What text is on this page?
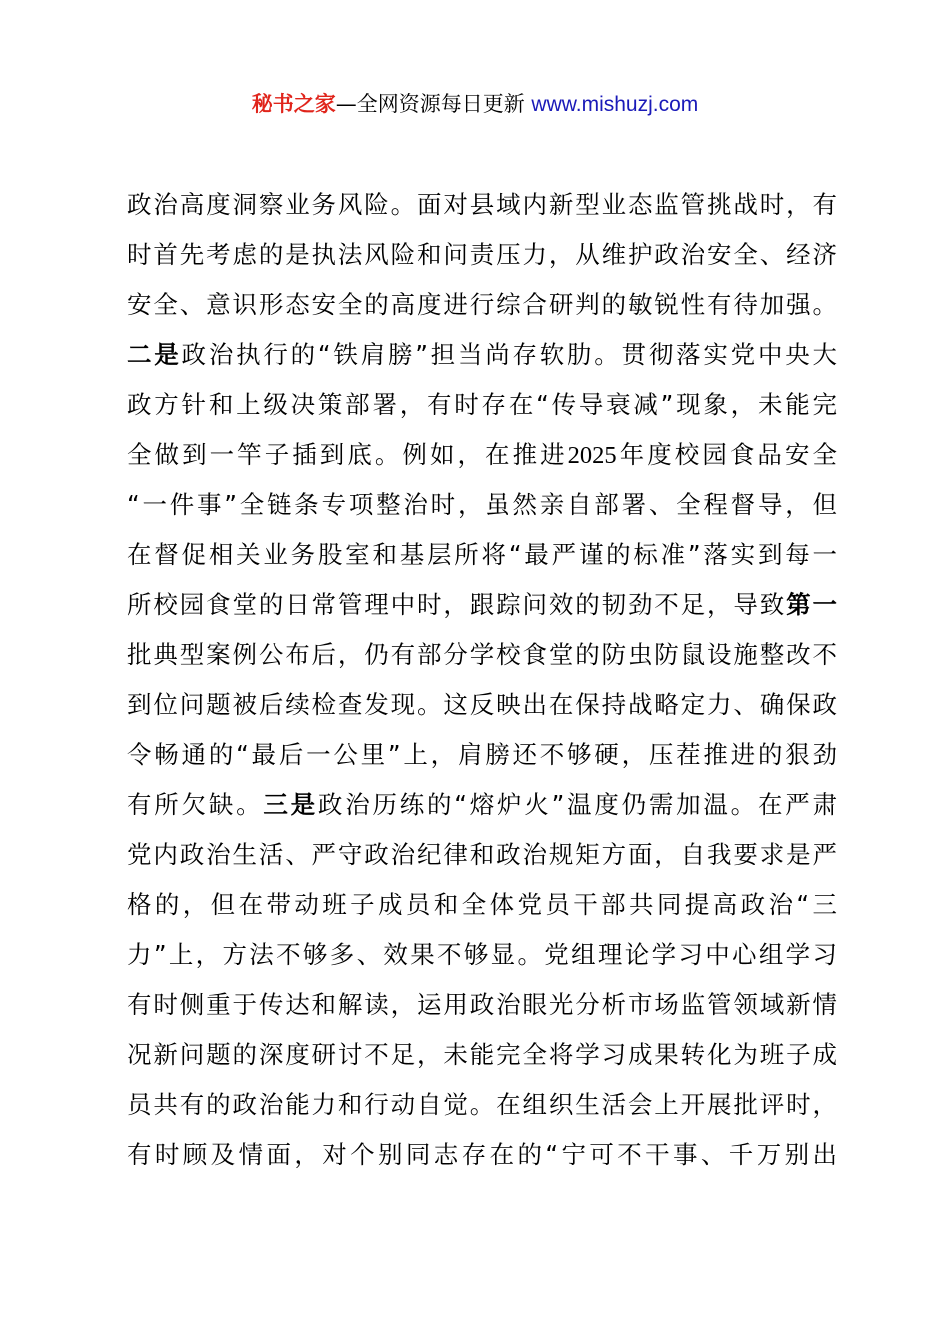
秘书之家—全网资源每日更新 www.mishuzj.com
政治高度洞察业务风险。面对县域内新型业态监管挑战时，有
时首先考虑的是执法风险和问责压力，从维护政治安全、经济
安全、意识形态安全的高度进行综合研判的敏锐性有待加强。
二是政治执行的“铁肩膀”担当尚存软肋。贯彻落实党中央大
政方针和上级决策部署，有时存在“传导衰减”现象，未能完
全做到一竿子插到底。例如，在推进2025年度校园食品安全
“一件事”全链条专项整治时，虽然亲自部署、全程督导，但
在督促相关业务股室和基层所将“最严谨的标准”落实到每一
所校园食堂的日常管理中时，跟踪问效的韧劲不足，导致第一
批典型案例公布后，仍有部分学校食堂的防虫防鼠设施整改不
到位问题被后续检查发现。这反映出在保持战略定力、确保政
令畅通的“最后一公里”上，肩膀还不够硬，压茬推进的狠劲
有所欠缺。三是政治历练的“熔炉火”温度仍需加温。在严肃
党内政治生活、严守政治纪律和政治规矩方面，自我要求是严
格的，但在带动班子成员和全体党员干部共同提高政治“三
力”上，方法不够多、效果不够显。党组理论学习中心组学习
有时侧重于传达和解读，运用政治眼光分析市场监管领域新情
况新问题的深度研讨不足，未能完全将学习成果转化为班子成
员共有的政治能力和行动自觉。在组织生活会上开展批评时，
有时顾及情面，对个别同志存在的“宁可不干事、千万别出
